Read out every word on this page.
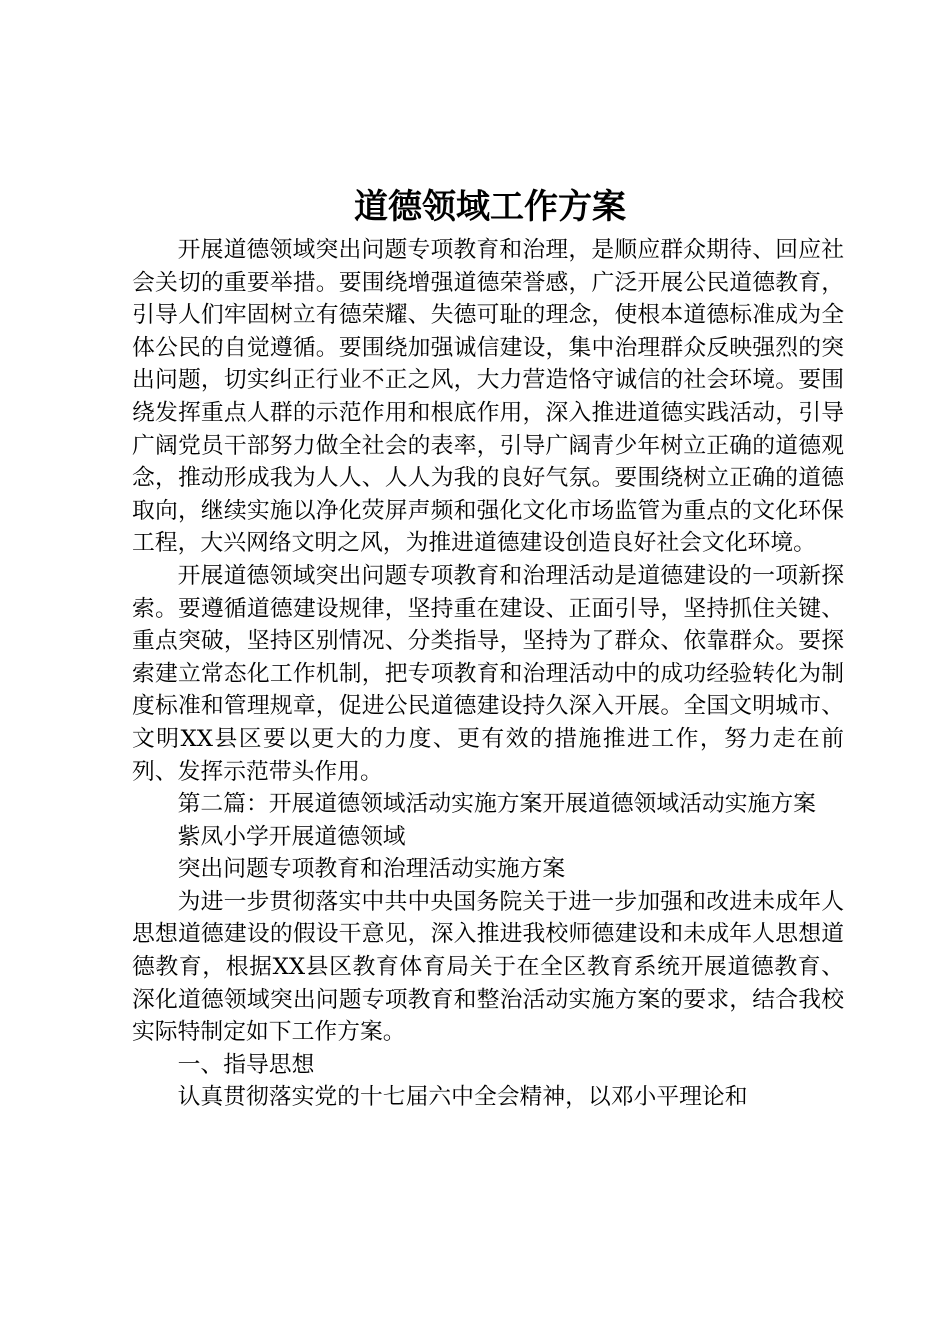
道德领域工作方案

开展道德领域突出问题专项教育和治理，是顺应群众期待、回应社会关切的重要举措。要围绕增强道德荣誉感，广泛开展公民道德教育，引导人们牢固树立有德荣耀、失德可耻的理念，使根本道德标准成为全体公民的自觉遵循。要围绕加强诚信建设，集中治理群众反映强烈的突出问题，切实纠正行业不正之风，大力营造恪守诚信的社会环境。要围绕发挥重点人群的示范作用和根底作用，深入推进道德实践活动，引导广阔党员干部努力做全社会的表率，引导广阔青少年树立正确的道德观念，推动形成我为人人、人人为我的良好气氛。要围绕树立正确的道德取向，继续实施以净化荧屏声频和强化文化市场监管为重点的文化环保工程，大兴网络文明之风，为推进道德建设创造良好社会文化环境。

开展道德领域突出问题专项教育和治理活动是道德建设的一项新探索。要遵循道德建设规律，坚持重在建设、正面引导，坚持抓住关键、重点突破，坚持区别情况、分类指导，坚持为了群众、依靠群众。要探索建立常态化工作机制，把专项教育和治理活动中的成功经验转化为制度标准和管理规章，促进公民道德建设持久深入开展。全国文明城市、文明XX县区要以更大的力度、更有效的措施推进工作，努力走在前列、发挥示范带头作用。

第二篇：开展道德领域活动实施方案开展道德领域活动实施方案

紫凤小学开展道德领域

突出问题专项教育和治理活动实施方案

为进一步贯彻落实中共中央国务院关于进一步加强和改进未成年人思想道德建设的假设干意见，深入推进我校师德建设和未成年人思想道德教育，根据XX县区教育体育局关于在全区教育系统开展道德教育、深化道德领域突出问题专项教育和整治活动实施方案的要求，结合我校实际特制定如下工作方案。

一、指导思想

认真贯彻落实党的十七届六中全会精神，以邓小平理论和
